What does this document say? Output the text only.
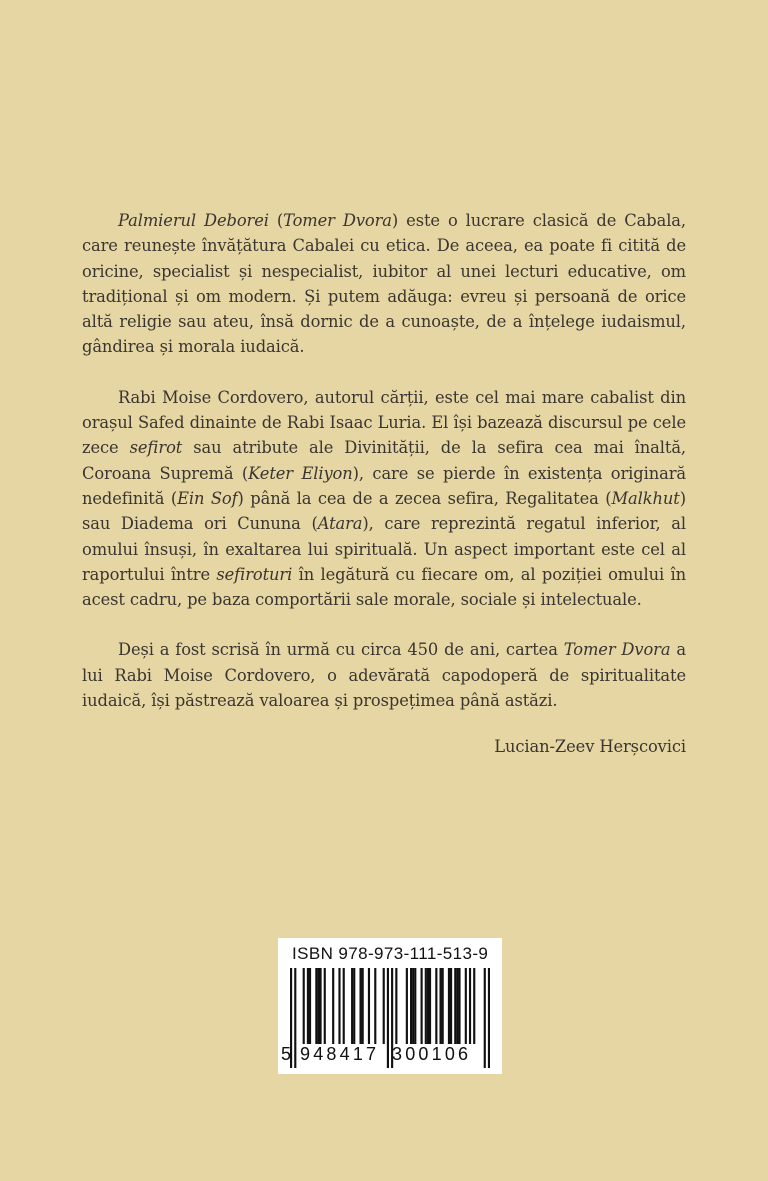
Palmierul Deborei (Tomer Dvora) este o lucrare clasică de Cabala, care reunește învățătura Cabalei cu etica. De aceea, ea poate fi citită de oricine, specialist și nespecialist, iubitor al unei lecturi educative, om tradițional și om modern. Și putem adăuga: evreu și persoană de orice altă religie sau ateu, însă dornic de a cunoaște, de a înțelege iudaismul, gândirea și morala iudaică.

Rabi Moise Cordovero, autorul cărții, este cel mai mare cabalist din orașul Safed dinainte de Rabi Isaac Luria. El își bazează discursul pe cele zece sefirot sau atribute ale Divinității, de la sefira cea mai înaltă, Coroana Supremă (Keter Eliyon), care se pierde în existența originară nedefinită (Ein Sof) până la cea de a zecea sefira, Regalitatea (Malkhut) sau Diadema ori Cununa (Atara), care reprezintă regatul inferior, al omului însuși, în exaltarea lui spirituală. Un aspect important este cel al raportului între sefiroturi în legătură cu fiecare om, al poziției omului în acest cadru, pe baza comportării sale morale, sociale și intelectuale.

Deși a fost scrisă în urmă cu circa 450 de ani, cartea Tomer Dvora a lui Rabi Moise Cordovero, o adevărată capodoperă de spiritualitate iudaică, își păstrează valoarea și prospețimea până astăzi.

Lucian-Zeev Herșcovici
ISBN 978-973-111-513-9
5 948417 300106
